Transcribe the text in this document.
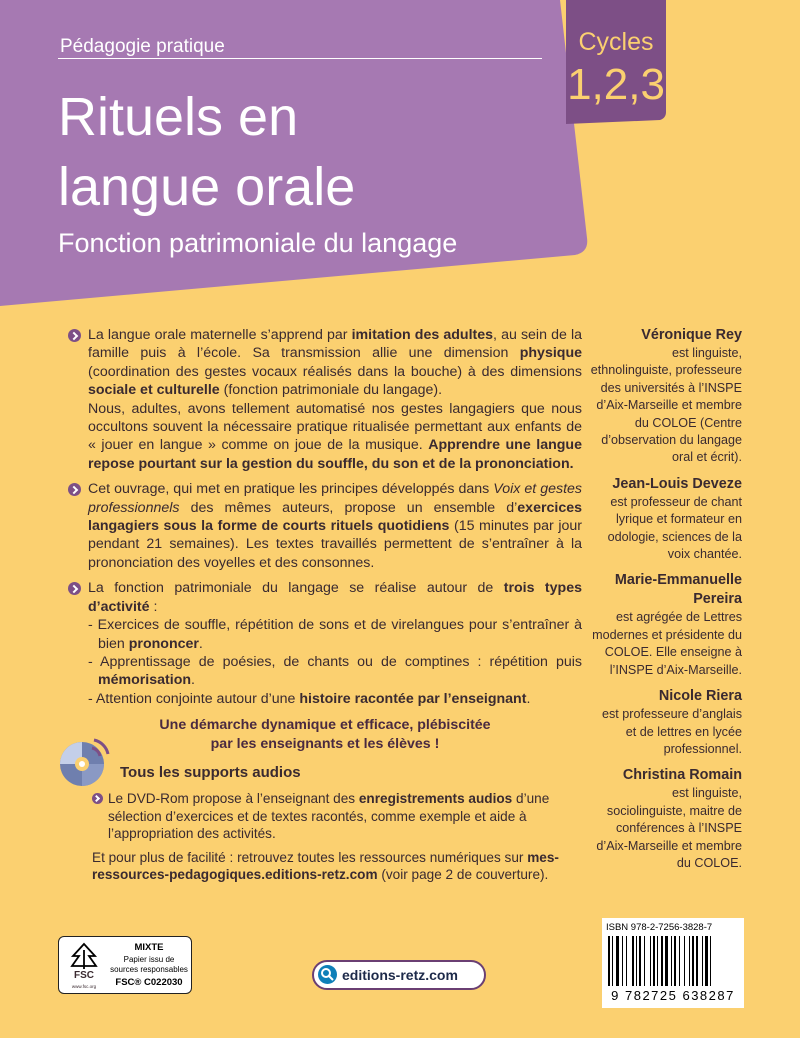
Pédagogie pratique
Rituels en
langue orale
Fonction patrimoniale du langage
Cycles
1,2,3
La langue orale maternelle s’apprend par imitation des adultes, au sein de la famille puis à l’école. Sa transmission allie une dimension physique (coordination des gestes vocaux réalisés dans la bouche) à des dimensions sociale et culturelle (fonction patrimoniale du langage).
Nous, adultes, avons tellement automatisé nos gestes langagiers que nous occultons souvent la nécessaire pratique ritualisée permettant aux enfants de « jouer en langue » comme on joue de la musique. Apprendre une langue repose pourtant sur la gestion du souffle, du son et de la prononciation.
Cet ouvrage, qui met en pratique les principes développés dans Voix et gestes professionnels des mêmes auteurs, propose un ensemble d’exercices langagiers sous la forme de courts rituels quotidiens (15 minutes par jour pendant 21 semaines). Les textes travaillés permettent de s’entraîner à la prononciation des voyelles et des consonnes.
La fonction patrimoniale du langage se réalise autour de trois types d’activité :
- Exercices de souffle, répétition de sons et de virelangues pour s’entraîner à bien prononcer.
- Apprentissage de poésies, de chants ou de comptines : répétition puis mémorisation.
- Attention conjointe autour d’une histoire racontée par l’enseignant.
Une démarche dynamique et efficace, plébiscitée
par les enseignants et les élèves !
Véronique Rey
est linguiste, ethnolinguiste, professeure des universités à l’INSPE d’Aix-Marseille et membre du COLOE (Centre d’observation du langage oral et écrit).
Jean-Louis Deveze
est professeur de chant lyrique et formateur en odologie, sciences de la voix chantée.
Marie-Emmanuelle Pereira
est agrégée de Lettres modernes et présidente du COLOE. Elle enseigne à l’INSPE d’Aix-Marseille.
Nicole Riera
est professeure d’anglais et de lettres en lycée professionnel.
Christina Romain
est linguiste, sociolinguiste, maitre de conférences à l’INSPE d’Aix-Marseille et membre du COLOE.
Tous les supports audios
Le DVD-Rom propose à l’enseignant des enregistrements audios d’une sélection d’exercices et de textes racontés, comme exemple et aide à l’appropriation des activités.
Et pour plus de facilité : retrouvez toutes les ressources numériques sur mes-ressources-pedagogiques.editions-retz.com (voir page 2 de couverture).
FSC
www.fsc.org
MIXTE
Papier issu de
sources responsables
FSC® C022030	editions-retz.com
ISBN 978-2-7256-3828-7
9 782725 638287
